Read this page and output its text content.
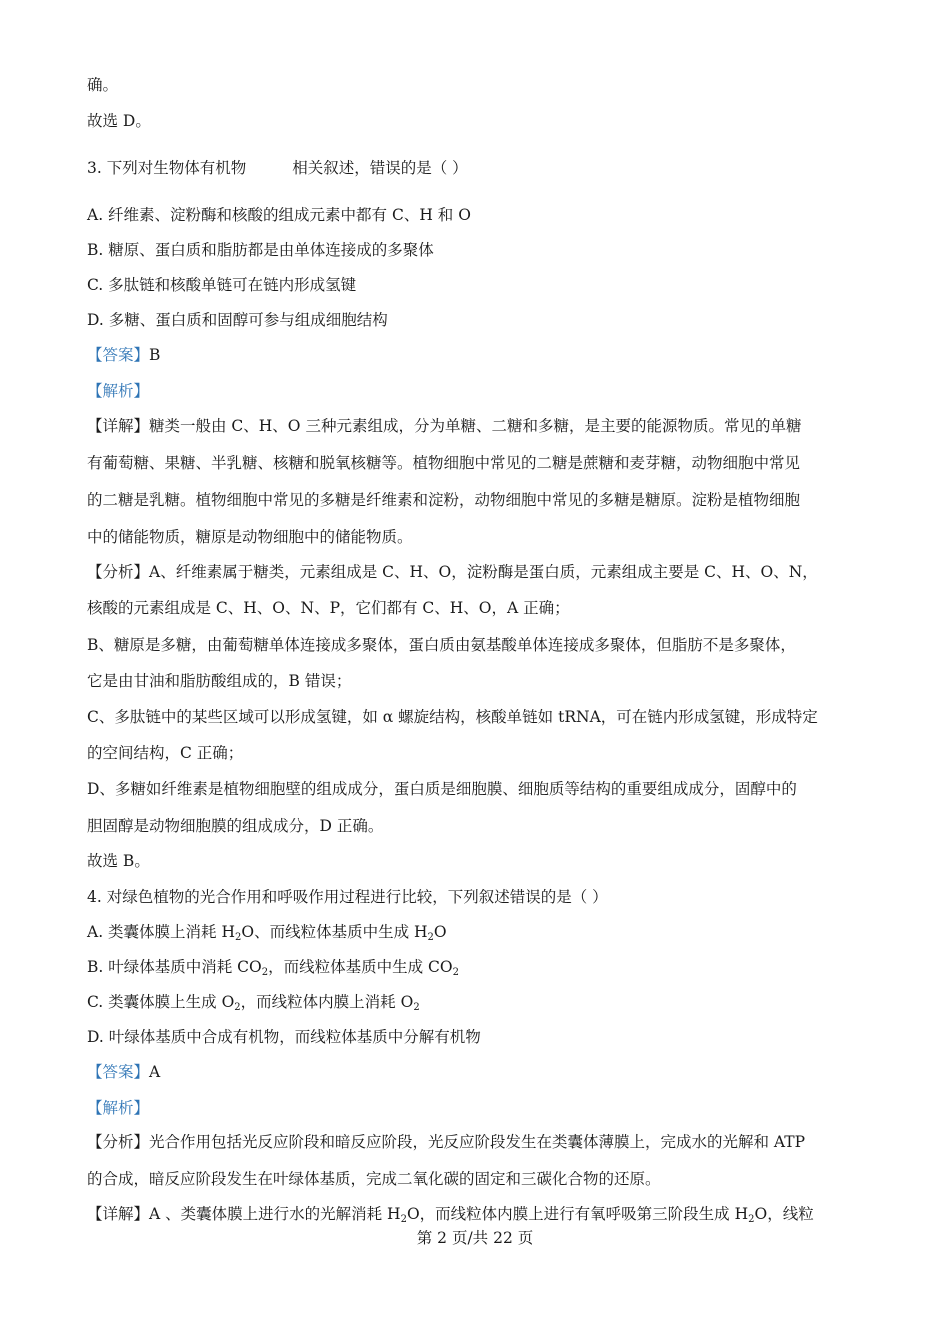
确。
故选 D。
3. 下列对生物体有机物	相关叙述，错误的是（ ）
A. 纤维素、淀粉酶和核酸的组成元素中都有 C、H 和 O
B. 糖原、蛋白质和脂肪都是由单体连接成的多聚体
C. 多肽链和核酸单链可在链内形成氢键
D. 多糖、蛋白质和固醇可参与组成细胞结构
【答案】B
【解析】
【详解】糖类一般由 C、H、O 三种元素组成，分为单糖、二糖和多糖，是主要的能源物质。常见的单糖
有葡萄糖、果糖、半乳糖、核糖和脱氧核糖等。植物细胞中常见的二糖是蔗糖和麦芽糖，动物细胞中常见
的二糖是乳糖。植物细胞中常见的多糖是纤维素和淀粉，动物细胞中常见的多糖是糖原。淀粉是植物细胞
中的储能物质，糖原是动物细胞中的储能物质。
【分析】A、纤维素属于糖类，元素组成是 C、H、O，淀粉酶是蛋白质，元素组成主要是 C、H、O、N，
核酸的元素组成是 C、H、O、N、P，它们都有 C、H、O，A 正确；
B、糖原是多糖，由葡萄糖单体连接成多聚体，蛋白质由氨基酸单体连接成多聚体，但脂肪不是多聚体，
它是由甘油和脂肪酸组成的，B 错误；
C、多肽链中的某些区域可以形成氢键，如 α 螺旋结构，核酸单链如 tRNA，可在链内形成氢键，形成特定
的空间结构，C 正确；
D、多糖如纤维素是植物细胞壁的组成成分，蛋白质是细胞膜、细胞质等结构的重要组成成分，固醇中的
胆固醇是动物细胞膜的组成成分，D 正确。
故选 B。
4. 对绿色植物的光合作用和呼吸作用过程进行比较，下列叙述错误的是（ ）
A. 类囊体膜上消耗 $H_2O$、而线粒体基质中生成 $H_2O$
B. 叶绿体基质中消耗 $CO_2$，而线粒体基质中生成 $CO_2$
C. 类囊体膜上生成 $O_2$，而线粒体内膜上消耗 $O_2$
D. 叶绿体基质中合成有机物，而线粒体基质中分解有机物
【答案】A
【解析】
【分析】光合作用包括光反应阶段和暗反应阶段，光反应阶段发生在类囊体薄膜上，完成水的光解和 ATP
的合成，暗反应阶段发生在叶绿体基质，完成二氧化碳的固定和三碳化合物的还原。
【详解】A 、类囊体膜上进行水的光解消耗 $H_2O$，而线粒体内膜上进行有氧呼吸第三阶段生成 $H_2O$，线粒
第 2 页/共 22 页
